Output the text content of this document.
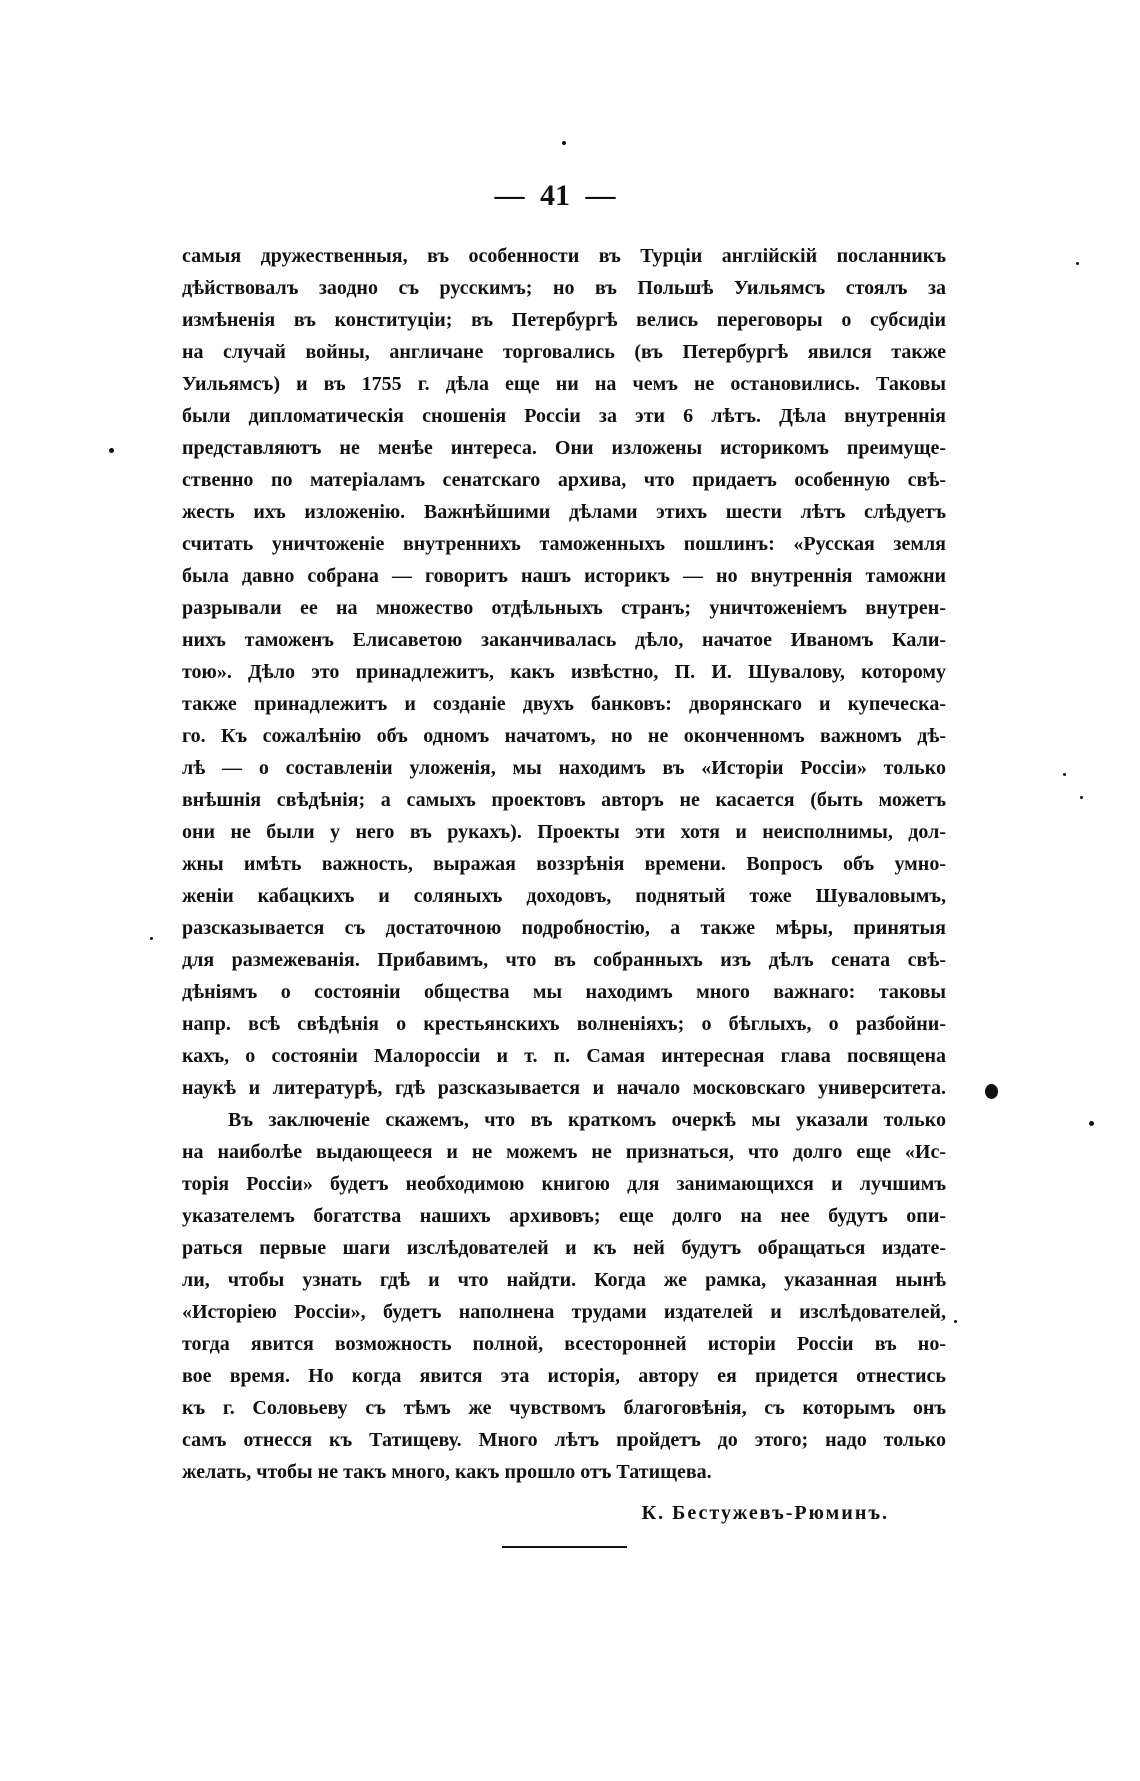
— 41 —
самыя дружественныя, въ особенности въ Турціи англійскій посланникъ
дѣйствовалъ заодно съ русскимъ; но въ Польшѣ Уильямсъ стоялъ за
измѣненія въ конституціи; въ Петербургѣ велись переговоры о субсидіи
на случай войны, англичане торговались (въ Петербургѣ явился также
Уильямсъ) и въ 1755 г. дѣла еще ни на чемъ не остановились. Таковы
были дипломатическія сношенія Россіи за эти 6 лѣтъ. Дѣла внутреннія
представляютъ не менѣе интереса. Они изложены историкомъ преимуще-
ственно по матеріаламъ сенатскаго архива, что придаетъ особенную свѣ-
жесть ихъ изложенію. Важнѣйшими дѣлами этихъ шести лѣтъ слѣдуетъ
считать уничтоженіе внутреннихъ таможенныхъ пошлинъ: «Русская земля
была давно собрана — говоритъ нашъ историкъ — но внутреннія таможни
разрывали ее на множество отдѣльныхъ странъ; уничтоженіемъ внутрен-
нихъ таможенъ Елисаветою заканчивалась дѣло, начатое Иваномъ Кали-
тою». Дѣло это принадлежитъ, какъ извѣстно, П. И. Шувалову, которому
также принадлежитъ и созданіе двухъ банковъ: дворянскаго и купеческа-
го. Къ сожалѣнію объ одномъ начатомъ, но не оконченномъ важномъ дѣ-
лѣ — о составленіи уложенія, мы находимъ въ «Исторіи Россіи» только
внѣшнія свѣдѣнія; а самыхъ проектовъ авторъ не касается (быть можетъ
они не были у него въ рукахъ). Проекты эти хотя и неисполнимы, дол-
жны имѣть важность, выражая воззрѣнія времени. Вопросъ объ умно-
женіи кабацкихъ и соляныхъ доходовъ, поднятый тоже Шуваловымъ,
разсказывается съ достаточною подробностію, а также мѣры, принятыя
для размежеванія. Прибавимъ, что въ собранныхъ изъ дѣлъ сената свѣ-
дѣніямъ о состояніи общества мы находимъ много важнаго: таковы
напр. всѣ свѣдѣнія о крестьянскихъ волненіяхъ; о бѣглыхъ, о разбойни-
кахъ, о состояніи Малороссіи и т. п. Самая интересная глава посвящена
наукѣ и литературѣ, гдѣ разсказывается и начало московскаго университета.
Въ заключеніе скажемъ, что въ краткомъ очеркѣ мы указали только
на наиболѣе выдающееся и не можемъ не признаться, что долго еще «Ис-
торія Россіи» будетъ необходимою книгою для занимающихся и лучшимъ
указателемъ богатства нашихъ архивовъ; еще долго на нее будутъ опи-
раться первые шаги изслѣдователей и къ ней будутъ обращаться издате-
ли, чтобы узнать гдѣ и что найдти. Когда же рамка, указанная нынѣ
«Исторіею Россіи», будетъ наполнена трудами издателей и изслѣдователей,
тогда явится возможность полной, всесторонней исторіи Россіи въ но-
вое время. Но когда явится эта исторія, автору ея придется отнестись
къ г. Соловьеву съ тѣмъ же чувствомъ благоговѣнія, съ которымъ онъ
самъ отнесся къ Татищеву. Много лѣтъ пройдетъ до этого; надо только
желать, чтобы не такъ много, какъ прошло отъ Татищева.
К. Бестужевъ-Рюминъ.
